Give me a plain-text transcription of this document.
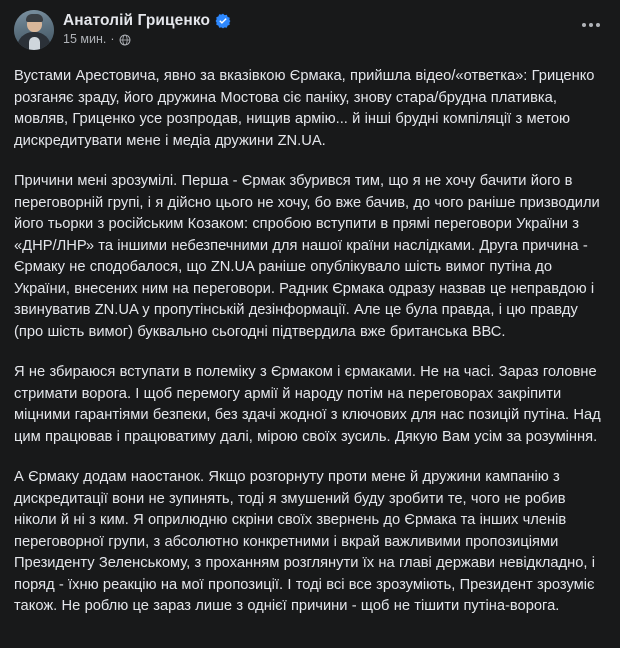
Анатолій Гриценко
15 мин. ·

Вустами Арестовича, явно за вказівкою Єрмака, прийшла відео/«ответка»: Гриценко розганяє зраду, його дружина Мостова сіє паніку, знову стара/брудна плативка, мовляв, Гриценко усе розпродав, нищив армію... й інші брудні компіляції з метою дискредитувати мене і медіа дружини ZN.UA.

Причини мені зрозумілі. Перша - Єрмак збурився тим, що я не хочу бачити його в переговорній групі, і я дійсно цього не хочу, бо вже бачив, до чого раніше призводили його тьорки з російським Козаком: спробою вступити в прямі переговори України з «ДНР/ЛНР» та іншими небезпечними для нашої країни наслідками. Друга причина - Єрмаку не сподобалося, що ZN.UA раніше опублікувало шість вимог путіна до України, внесених ним на переговори. Радник Єрмака одразу назвав це неправдою і звинуватив ZN.UA у пропутінській дезінформації. Але це була правда, і цю правду (про шість вимог) буквально сьогодні підтвердила вже британська ВВС.

Я не збираюся вступати в полеміку з Єрмаком і єрмаками. Не на часі. Зараз головне стримати ворога. І щоб перемогу армії й народу потім на переговорах закріпити міцними гарантіями безпеки, без здачі жодної з ключових для нас позицій путіна. Над цим працював і працюватиму далі, мірою своїх зусиль. Дякую Вам усім за розуміння.

А Єрмаку додам наостанок. Якщо розгорнуту проти мене й дружини кампанію з дискредитації вони не зупинять, тоді я змушений буду зробити те, чого не робив ніколи й ні з ким. Я оприлюдню скріни своїх звернень до Єрмака та інших членів переговорної групи, з абсолютно конкретними і вкрай важливими пропозиціями Президенту Зеленському, з проханням розглянути їх на главі держави невідкладно, і поряд - їхню реакцію на мої пропозиції. І тоді всі все зрозуміють, Президент зрозуміє також. Не роблю це зараз лише з однієї причини - щоб не тішити путіна-ворога.
